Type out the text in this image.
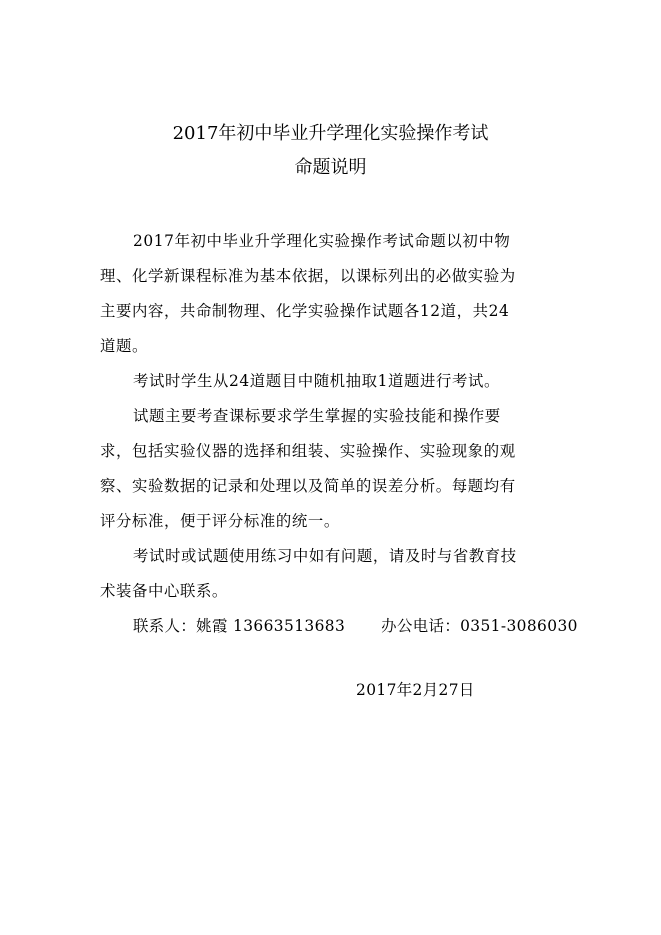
2017年初中毕业升学理化实验操作考试
命题说明
2017年初中毕业升学理化实验操作考试命题以初中物
理、化学新课程标准为基本依据，以课标列出的必做实验为
主要内容，共命制物理、化学实验操作试题各12道，共24
道题。
考试时学生从24道题目中随机抽取1道题进行考试。
试题主要考查课标要求学生掌握的实验技能和操作要
求，包括实验仪器的选择和组装、实验操作、实验现象的观
察、实验数据的记录和处理以及简单的误差分析。每题均有
评分标准，便于评分标准的统一。
考试时或试题使用练习中如有问题，请及时与省教育技
术装备中心联系。
联系人：姚霞 13663513683 办公电话：0351-3086030
2017年2月27日
